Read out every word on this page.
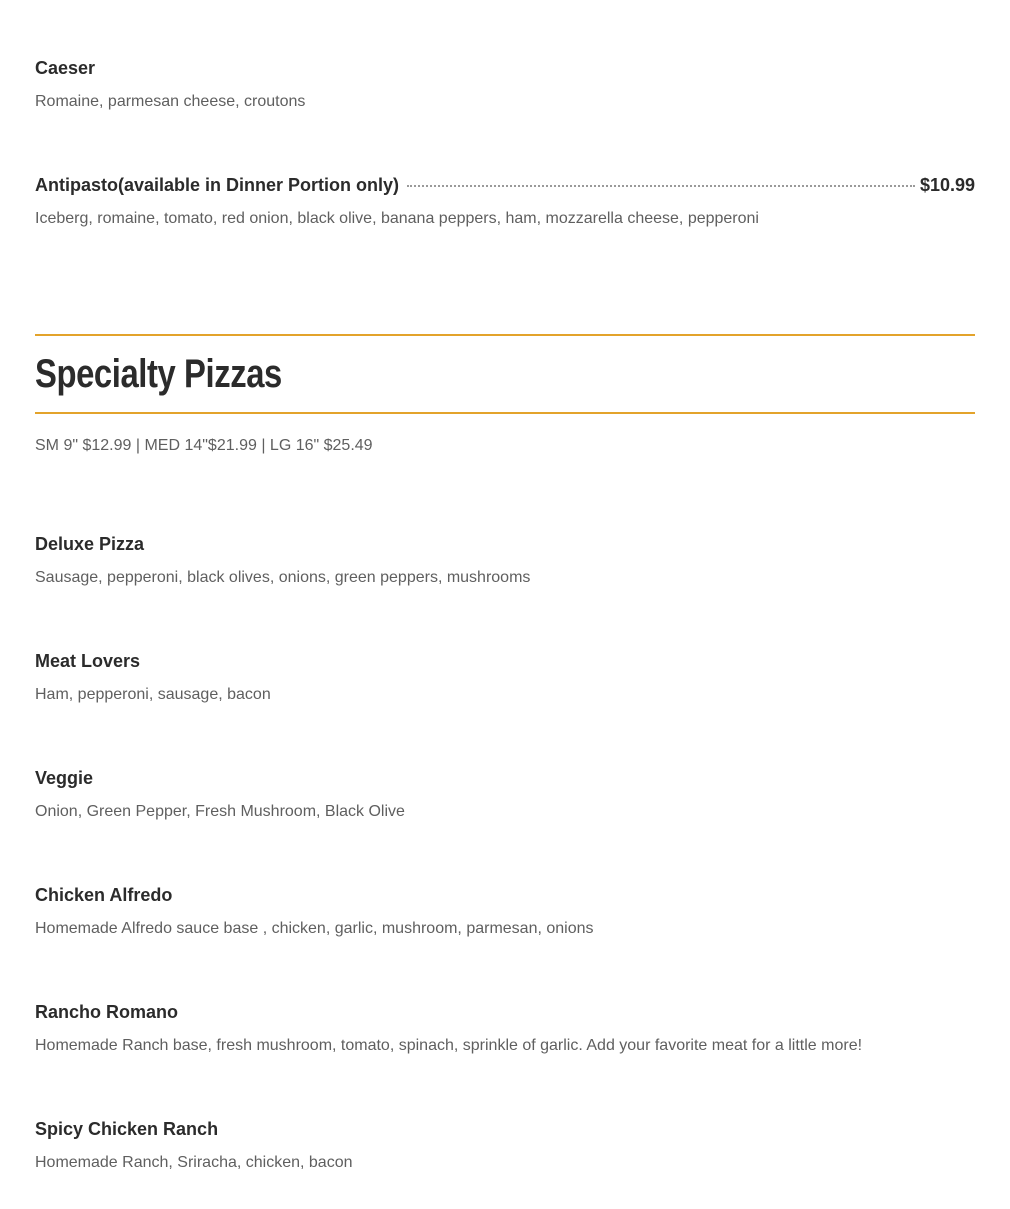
Caeser
Romaine, parmesan cheese, croutons
Antipasto(available in Dinner Portion only)	$10.99
Iceberg, romaine, tomato, red onion, black olive, banana peppers, ham, mozzarella cheese, pepperoni
Specialty Pizzas
SM 9" $12.99 | MED 14"$21.99 | LG 16" $25.49
Deluxe Pizza
Sausage, pepperoni, black olives, onions, green peppers, mushrooms
Meat Lovers
Ham, pepperoni, sausage, bacon
Veggie
Onion, Green Pepper, Fresh Mushroom, Black Olive
Chicken Alfredo
Homemade Alfredo sauce base , chicken, garlic, mushroom, parmesan, onions
Rancho Romano
Homemade Ranch base, fresh mushroom, tomato, spinach, sprinkle of garlic. Add your favorite meat for a little more!
Spicy Chicken Ranch
Homemade Ranch, Sriracha, chicken, bacon
